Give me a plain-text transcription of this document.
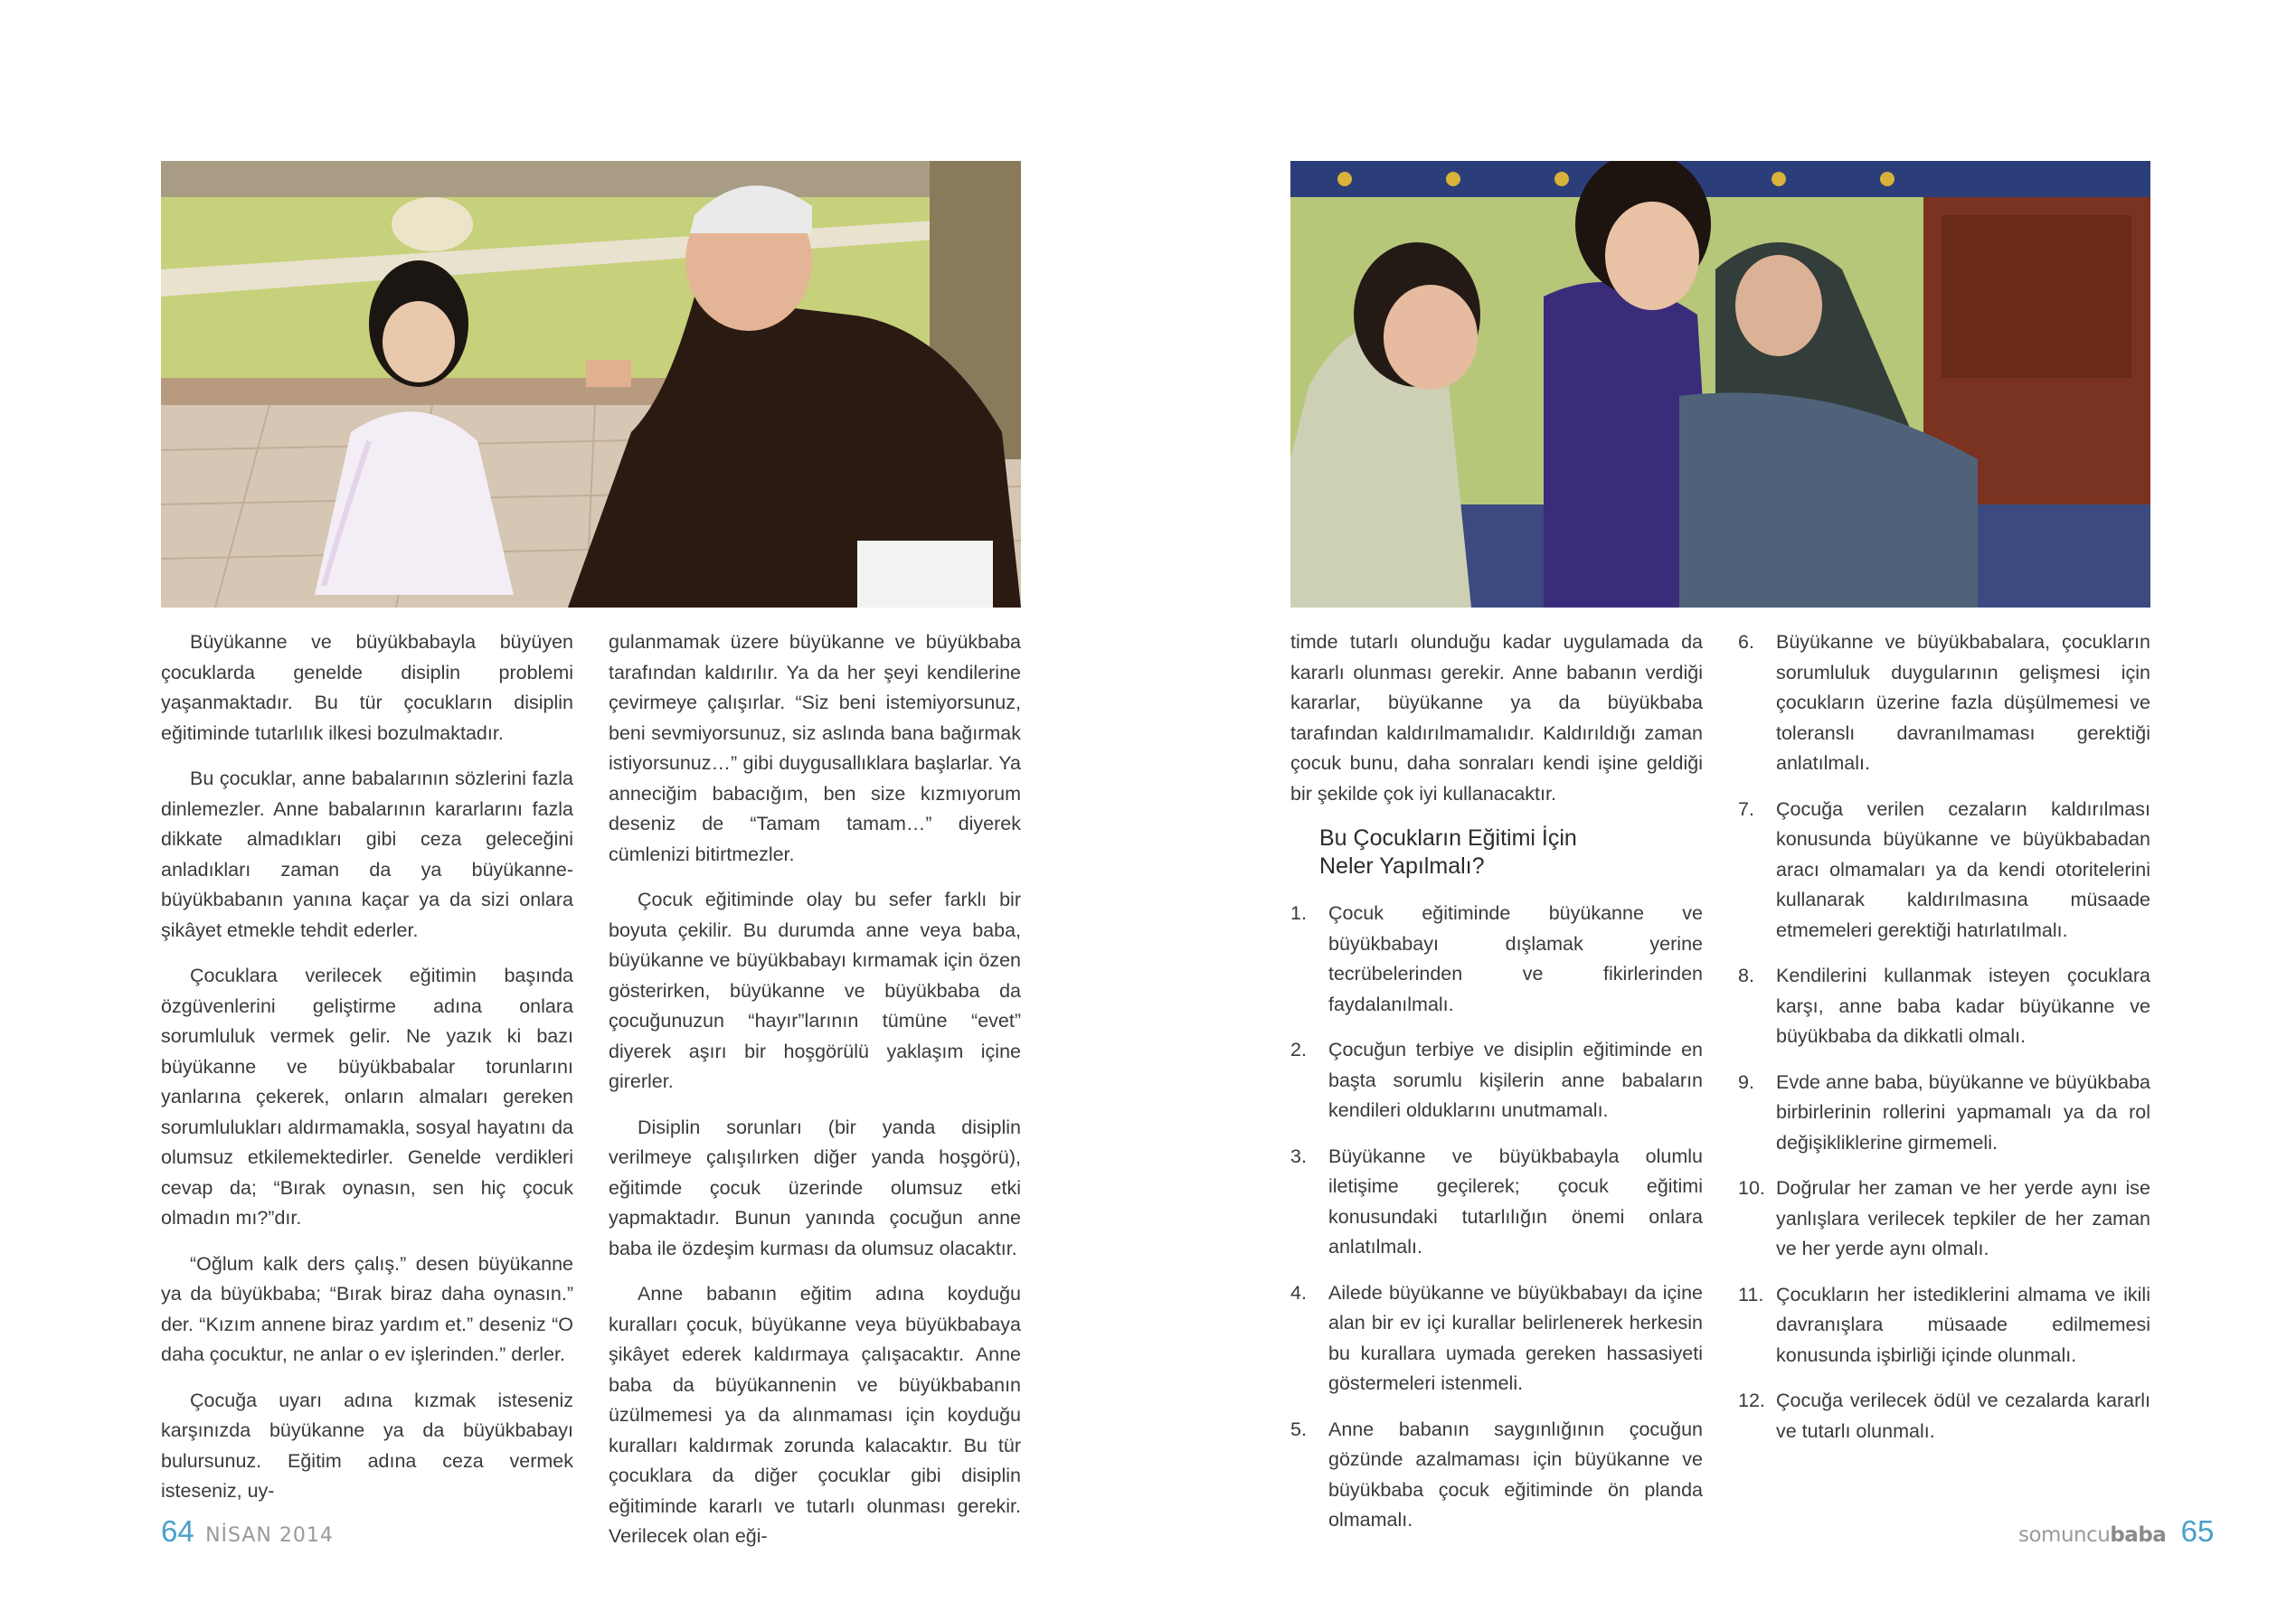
Büyükanne ve büyükbabayla büyüyen çocuklarda genelde disiplin problemi yaşanmaktadır. Bu tür çocukların disiplin eğitiminde tutarlılık ilkesi bozulmaktadır.

Bu çocuklar, anne babalarının sözlerini fazla dinlemezler. Anne babalarının kararlarını fazla dikkate almadıkları gibi ceza geleceğini anladıkları zaman da ya büyükanne-büyükbabanın yanına kaçar ya da sizi onlara şikâyet etmekle tehdit ederler.

Çocuklara verilecek eğitimin başında özgüvenlerini geliştirme adına onlara sorumluluk vermek gelir. Ne yazık ki bazı büyükanne ve büyükbabalar torunlarını yanlarına çekerek, onların almaları gereken sorumlulukları aldırmamakla, sosyal hayatını da olumsuz etkilemektedirler. Genelde verdikleri cevap da; “Bırak oynasın, sen hiç çocuk olmadın mı?”dır.

“Oğlum kalk ders çalış.” desen büyükanne ya da büyükbaba; “Bırak biraz daha oynasın.” der. “Kızım annene biraz yardım et.” deseniz “O daha çocuktur, ne anlar o ev işlerinden.” derler.

Çocuğa uyarı adına kızmak isteseniz karşınızda büyükanne ya da büyükbabayı bulursunuz. Eğitim adına ceza vermek isteseniz, uy-

gulanmamak üzere büyükanne ve büyükbaba tarafından kaldırılır. Ya da her şeyi kendilerine çevirmeye çalışırlar. “Siz beni istemiyorsunuz, beni sevmiyorsunuz, siz aslında bana bağırmak istiyorsunuz…” gibi duygusallıklara başlarlar. Ya anneciğim babacığım, ben size kızmıyorum deseniz de “Tamam tamam…” diyerek cümlenizi bitirtmezler.

Çocuk eğitiminde olay bu sefer farklı bir boyuta çekilir. Bu durumda anne veya baba, büyükanne ve büyükbabayı kırmamak için özen gösterirken, büyükanne ve büyükbaba da çocuğunuzun “hayır”larının tümüne “evet” diyerek aşırı bir hoşgörülü yaklaşım içine girerler.

Disiplin sorunları (bir yanda disiplin verilmeye çalışılırken diğer yanda hoşgörü), eğitimde çocuk üzerinde olumsuz etki yapmaktadır. Bunun yanında çocuğun anne baba ile özdeşim kurması da olumsuz olacaktır.

Anne babanın eğitim adına koyduğu kuralları çocuk, büyükanne veya büyükbabaya şikâyet ederek kaldırmaya çalışacaktır. Anne baba da büyükannenin ve büyükbabanın üzülmemesi ya da alınmaması için koyduğu kuralları kaldırmak zorunda kalacaktır. Bu tür çocuklara da diğer çocuklar gibi disiplin eğitiminde kararlı ve tutarlı olunması gerekir. Verilecek olan eği-

timde tutarlı olunduğu kadar uygulamada da kararlı olunması gerekir. Anne babanın verdiği kararlar, büyükanne ya da büyükbaba tarafından kaldırılmamalıdır. Kaldırıldığı zaman çocuk bunu, daha sonraları kendi işine geldiği bir şekilde çok iyi kullanacaktır.

Bu Çocukların Eğitimi İçin
Neler Yapılmalı?
1.	Çocuk eğitiminde büyükanne ve büyükbabayı dışlamak yerine tecrübelerinden ve fikirlerinden faydalanılmalı.
2.	Çocuğun terbiye ve disiplin eğitiminde en başta sorumlu kişilerin anne babaların kendileri olduklarını unutmamalı.
3.	Büyükanne ve büyükbabayla olumlu iletişime geçilerek; çocuk eğitimi konusundaki tutarlılığın önemi onlara anlatılmalı.
4.	Ailede büyükanne ve büyükbabayı da içine alan bir ev içi kurallar belirlenerek herkesin bu kurallara uymada gereken hassasiyeti göstermeleri istenmeli.
5.	Anne babanın saygınlığının çocuğun gözünde azalmaması için büyükanne ve büyükbaba çocuk eğitiminde ön planda olmamalı.
6.	Büyükanne ve büyükbabalara, çocukların sorumluluk duygularının gelişmesi için çocukların üzerine fazla düşülmemesi ve toleranslı davranılmaması gerektiği anlatılmalı.
7.	Çocuğa verilen cezaların kaldırılması konusunda büyükanne ve büyükbabadan aracı olmamaları ya da kendi otoritelerini kullanarak kaldırılmasına müsaade etmemeleri gerektiği hatırlatılmalı.
8.	Kendilerini kullanmak isteyen çocuklara karşı, anne baba kadar büyükanne ve büyükbaba da dikkatli olmalı.
9.	Evde anne baba, büyükanne ve büyükbaba birbirlerinin rollerini yapmamalı ya da rol değişikliklerine girmemeli.
10. Doğrular her zaman ve her yerde aynı ise yanlışlara verilecek tepkiler de her zaman ve her yerde aynı olmalı.
11. Çocukların her istediklerini almama ve ikili davranışlara müsaade edilmemesi konusunda işbirliği içinde olunmalı.
12. Çocuğa verilecek ödül ve cezalarda kararlı ve tutarlı olunmalı.
64 NİSAN 2014	somuncubaba 65
